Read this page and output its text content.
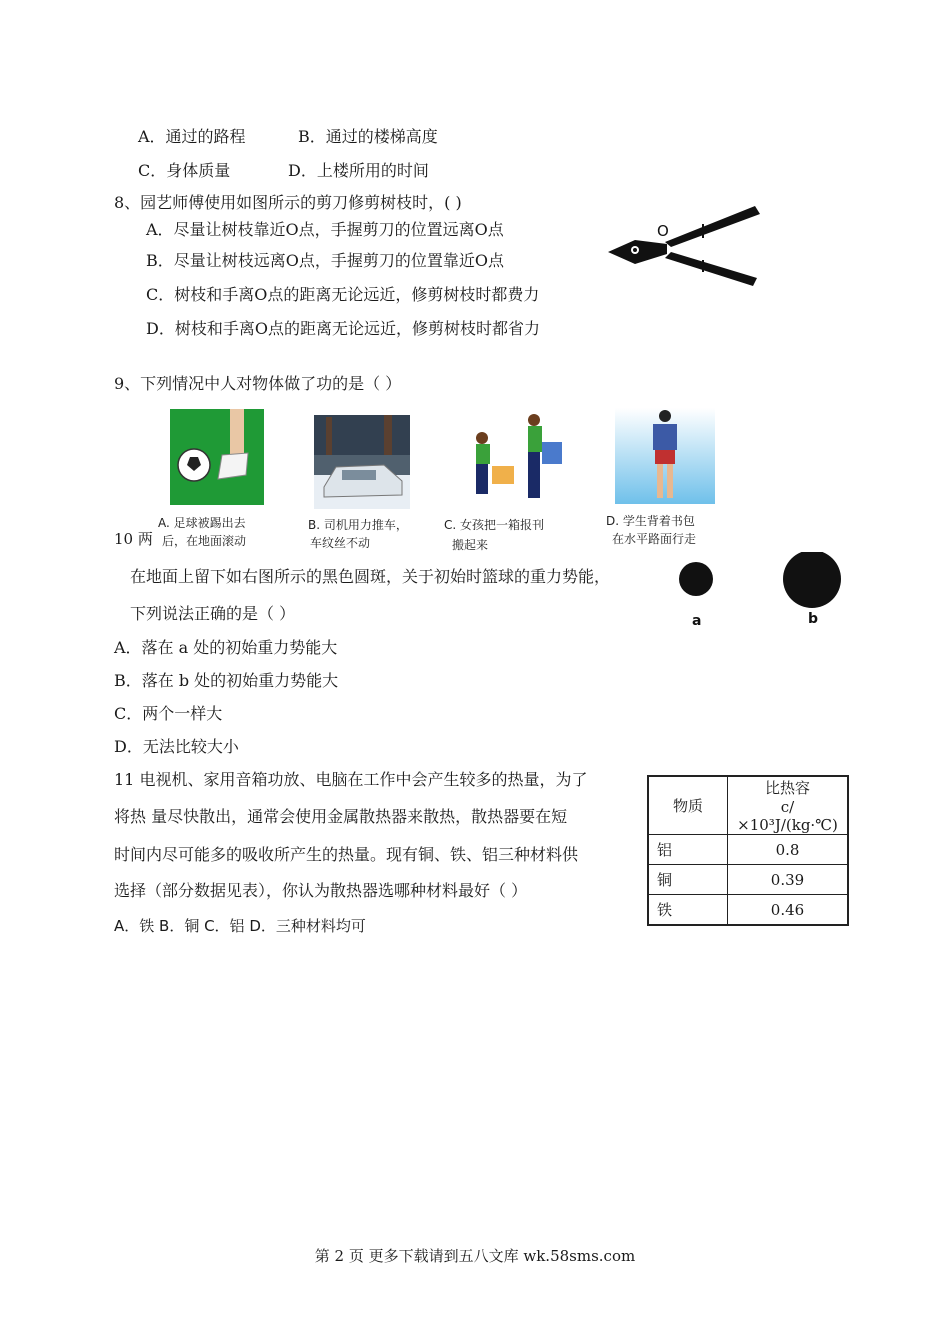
A．通过的路程	B．通过的楼梯高度
C．身体质量	D．上楼所用的时间
8、园艺师傅使用如图所示的剪刀修剪树枝时，( )
A．尽量让树枝靠近O点，手握剪刀的位置远离O点
B．尽量让树枝远离O点，手握剪刀的位置靠近O点
C．树枝和手离O点的距离无论远近，修剪树枝时都费力
D．树枝和手离O点的距离无论远近，修剪树枝时都省力
O
9、下列情况中人对物体做了功的是（ ）
A. 足球被踢出去
后，在地面滚动
B. 司机用力推车，
车纹丝不动
C. 女孩把一箱报刊
搬起来
D. 学生背着书包
在水平路面行走
10 两
在地面上留下如右图所示的黑色圆斑，关于初始时篮球的重力势能，
下列说法正确的是（ ）
A．落在 a 处的初始重力势能大
B．落在 b 处的初始重力势能大
C．两个一样大
D．无法比较大小
a	b
11 电视机、家用音箱功放、电脑在工作中会产生较多的热量，为了
将热 量尽快散出，通常会使用金属散热器来散热，散热器要在短
时间内尽可能多的吸收所产生的热量。现有铜、铁、铝三种材料供
选择（部分数据见表），你认为散热器选哪种材料最好（ ）
A．铁 B．铜 C．铝 D．三种材料均可
物质	比热容
c/×10³J/(kg·℃)

铝	0.8
铜	0.39
铁	0.46
第 2 页 更多下载请到五八文库 wk.58sms.com
